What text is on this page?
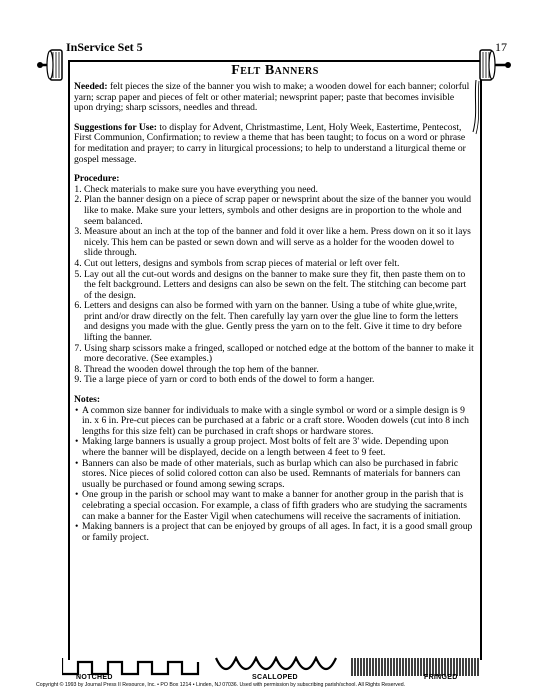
InService Set 5	17
Felt Banners

Needed: felt pieces the size of the banner you wish to make; a wooden dowel for each banner; colorful yarn; scrap paper and pieces of felt or other material; newsprint paper; paste that becomes invisible upon drying; sharp scissors, needles and thread.

Suggestions for Use: to display for Advent, Christmastime, Lent, Holy Week, Eastertime, Pentecost, First Communion, Confirmation; to review a theme that has been taught; to focus on a word or phrase for meditation and prayer; to carry in liturgical processions; to help to understand a liturgical theme or gospel message.

Procedure:
1. Check materials to make sure you have everything you need.
2. Plan the banner design on a piece of scrap paper or newsprint about the size of the banner you would like to make. Make sure your letters, symbols and other designs are in proportion to the whole and seem balanced.
3. Measure about an inch at the top of the banner and fold it over like a hem. Press down on it so it lays nicely. This hem can be pasted or sewn down and will serve as a holder for the wooden dowel to slide through.
4. Cut out letters, designs and symbols from scrap pieces of material or left over felt.
5. Lay out all the cut-out words and designs on the banner to make sure they fit, then paste them on to the felt background. Letters and designs can also be sewn on the felt. The stitching can become part of the design.
6. Letters and designs can also be formed with yarn on the banner. Using a tube of white glue,write, print and/or draw directly on the felt. Then carefully lay yarn over the glue line to form the letters and designs you made with the glue. Gently press the yarn on to the felt. Give it time to dry before lifting the banner.
7. Using sharp scissors make a fringed, scalloped or notched edge at the bottom of the banner to make it more decorative. (See examples.)
8. Thread the wooden dowel through the top hem of the banner.
9. Tie a large piece of yarn or cord to both ends of the dowel to form a hanger.
Notes:
• A common size banner for individuals to make with a single symbol or word or a simple design is 9 in. x 6 in. Pre-cut pieces can be purchased at a fabric or a craft store. Wooden dowels (cut into 8 inch lengths for this size felt) can be purchased in craft shops or hardware stores.
• Making large banners is usually a group project. Most bolts of felt are 3' wide. Depending upon where the banner will be displayed, decide on a length between 4 feet to 9 feet.
• Banners can also be made of other materials, such as burlap which can also be purchased in fabric stores. Nice pieces of solid colored cotton can also be used. Remnants of materials for banners can usually be purchased or found among sewing scraps.
• One group in the parish or school may want to make a banner for another group in the parish that is celebrating a special occasion. For example, a class of fifth graders who are studying the sacraments can make a banner for the Easter Vigil when catechumens will receive the sacraments of initiation.
• Making banners is a project that can be enjoyed by groups of all ages. In fact, it is a good small group or family project.
NOTCHED	SCALLOPED	FRINGED
Copyright © 1993 by Journal Press II Resource, Inc. • PO Box 1214 • Linden, NJ 07036. Used with permission by subscribing parish/school. All Rights Reserved.
